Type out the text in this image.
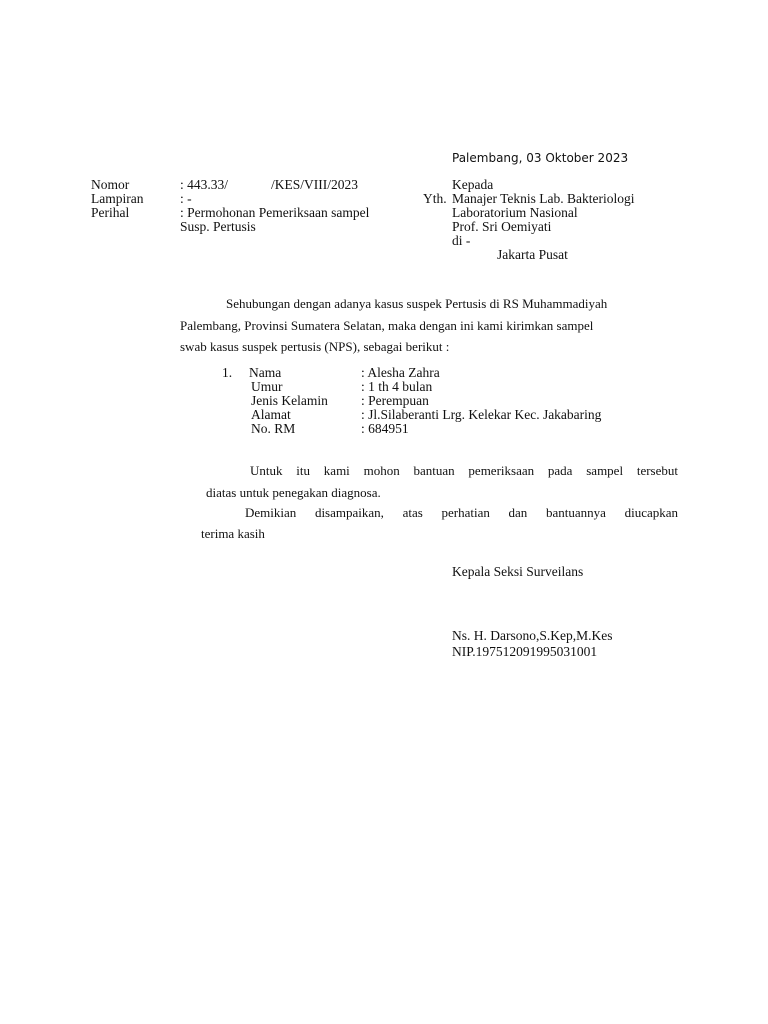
Palembang, 03 Oktober 2023
Nomor	: 443.33/	/KES/VIII/2023
Lampiran	: -
Perihal	: Permohonan Pemeriksaan sampel
Susp. Pertusis
Kepada
Yth. Manajer Teknis Lab. Bakteriologi
Laboratorium Nasional
Prof. Sri Oemiyati
di -
Jakarta Pusat
Sehubungan dengan adanya kasus suspek Pertusis di RS Muhammadiyah
Palembang, Provinsi Sumatera Selatan, maka dengan ini kami kirimkan sampel
swab kasus suspek pertusis (NPS), sebagai berikut :
1. Nama	: Alesha Zahra
Umur	: 1 th 4 bulan
Jenis Kelamin : Perempuan
Alamat	: Jl.Silaberanti Lrg. Kelekar Kec. Jakabaring
No. RM	: 684951
Untuk itu kami mohon bantuan pemeriksaan pada sampel tersebut
diatas untuk penegakan diagnosa.
Demikian disampaikan, atas perhatian dan bantuannya diucapkan
terima kasih
Kepala Seksi Surveilans
Ns. H. Darsono,S.Kep,M.Kes
NIP.197512091995031001
